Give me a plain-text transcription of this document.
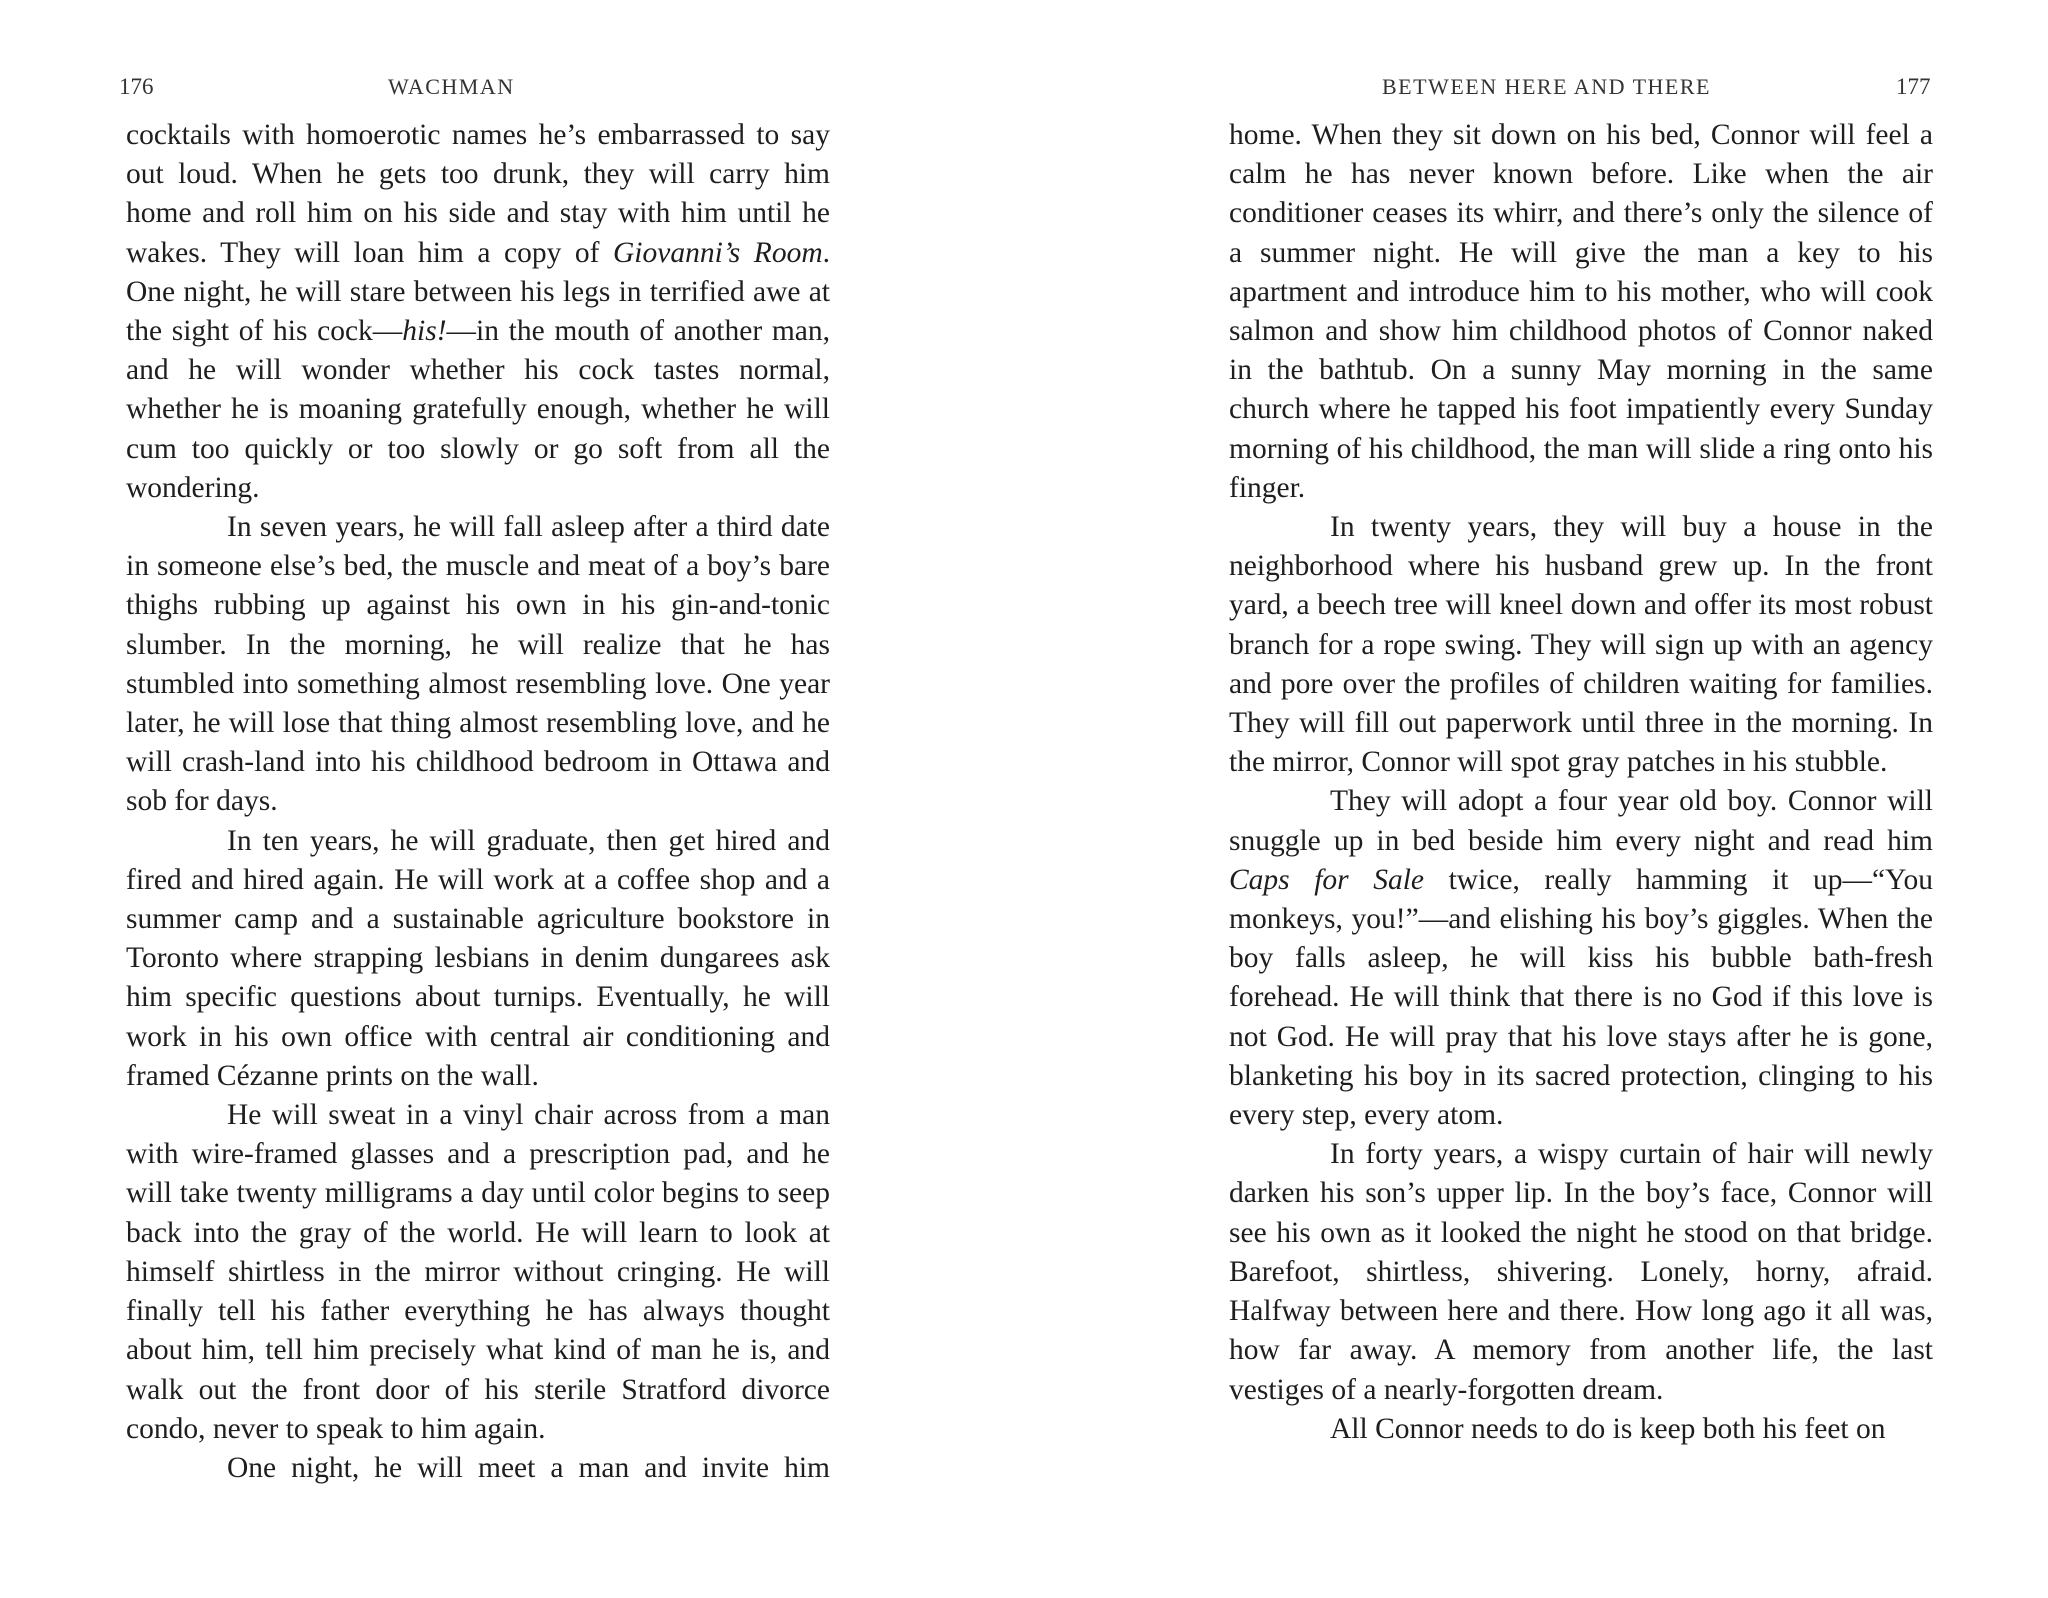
176	WACHMAN

cocktails with homoerotic names he’s embarrassed to say out loud. When he gets too drunk, they will carry him home and roll him on his side and stay with him until he wakes. They will loan him a copy of Giovanni’s Room. One night, he will stare between his legs in terrified awe at the sight of his cock—his!—in the mouth of another man, and he will wonder whether his cock tastes normal, whether he is moaning gratefully enough, whether he will cum too quickly or too slowly or go soft from all the wondering.

In seven years, he will fall asleep after a third date in someone else’s bed, the muscle and meat of a boy’s bare thighs rubbing up against his own in his gin-and-tonic slumber. In the morning, he will realize that he has stumbled into something almost resembling love. One year later, he will lose that thing almost resembling love, and he will crash-land into his childhood bedroom in Ottawa and sob for days.

In ten years, he will graduate, then get hired and fired and hired again. He will work at a coffee shop and a summer camp and a sustainable agriculture bookstore in Toronto where strapping lesbians in denim dungarees ask him specific questions about turnips. Eventually, he will work in his own office with central air conditioning and framed Cézanne prints on the wall.

He will sweat in a vinyl chair across from a man with wire-framed glasses and a prescription pad, and he will take twenty milligrams a day until color begins to seep back into the gray of the world. He will learn to look at himself shirtless in the mirror without cringing. He will finally tell his father everything he has always thought about him, tell him precisely what kind of man he is, and walk out the front door of his sterile Stratford divorce condo, never to speak to him again.

One night, he will meet a man and invite him

BETWEEN HERE AND THERE	177

home. When they sit down on his bed, Connor will feel a calm he has never known before. Like when the air conditioner ceases its whirr, and there’s only the silence of a summer night. He will give the man a key to his apartment and introduce him to his mother, who will cook salmon and show him childhood photos of Connor naked in the bathtub. On a sunny May morning in the same church where he tapped his foot impatiently every Sunday morning of his childhood, the man will slide a ring onto his finger.

In twenty years, they will buy a house in the neighborhood where his husband grew up. In the front yard, a beech tree will kneel down and offer its most robust branch for a rope swing. They will sign up with an agency and pore over the profiles of children waiting for families. They will fill out paperwork until three in the morning. In the mirror, Connor will spot gray patches in his stubble.

They will adopt a four year old boy. Connor will snuggle up in bed beside him every night and read him Caps for Sale twice, really hamming it up—“You monkeys, you!”—and elishing his boy’s giggles. When the boy falls asleep, he will kiss his bubble bath-fresh forehead. He will think that there is no God if this love is not God. He will pray that his love stays after he is gone, blanketing his boy in its sacred protection, clinging to his every step, every atom.

In forty years, a wispy curtain of hair will newly darken his son’s upper lip. In the boy’s face, Connor will see his own as it looked the night he stood on that bridge. Barefoot, shirtless, shivering. Lonely, horny, afraid. Halfway between here and there. How long ago it all was, how far away. A memory from another life, the last vestiges of a nearly-forgotten dream.

All Connor needs to do is keep both his feet on
